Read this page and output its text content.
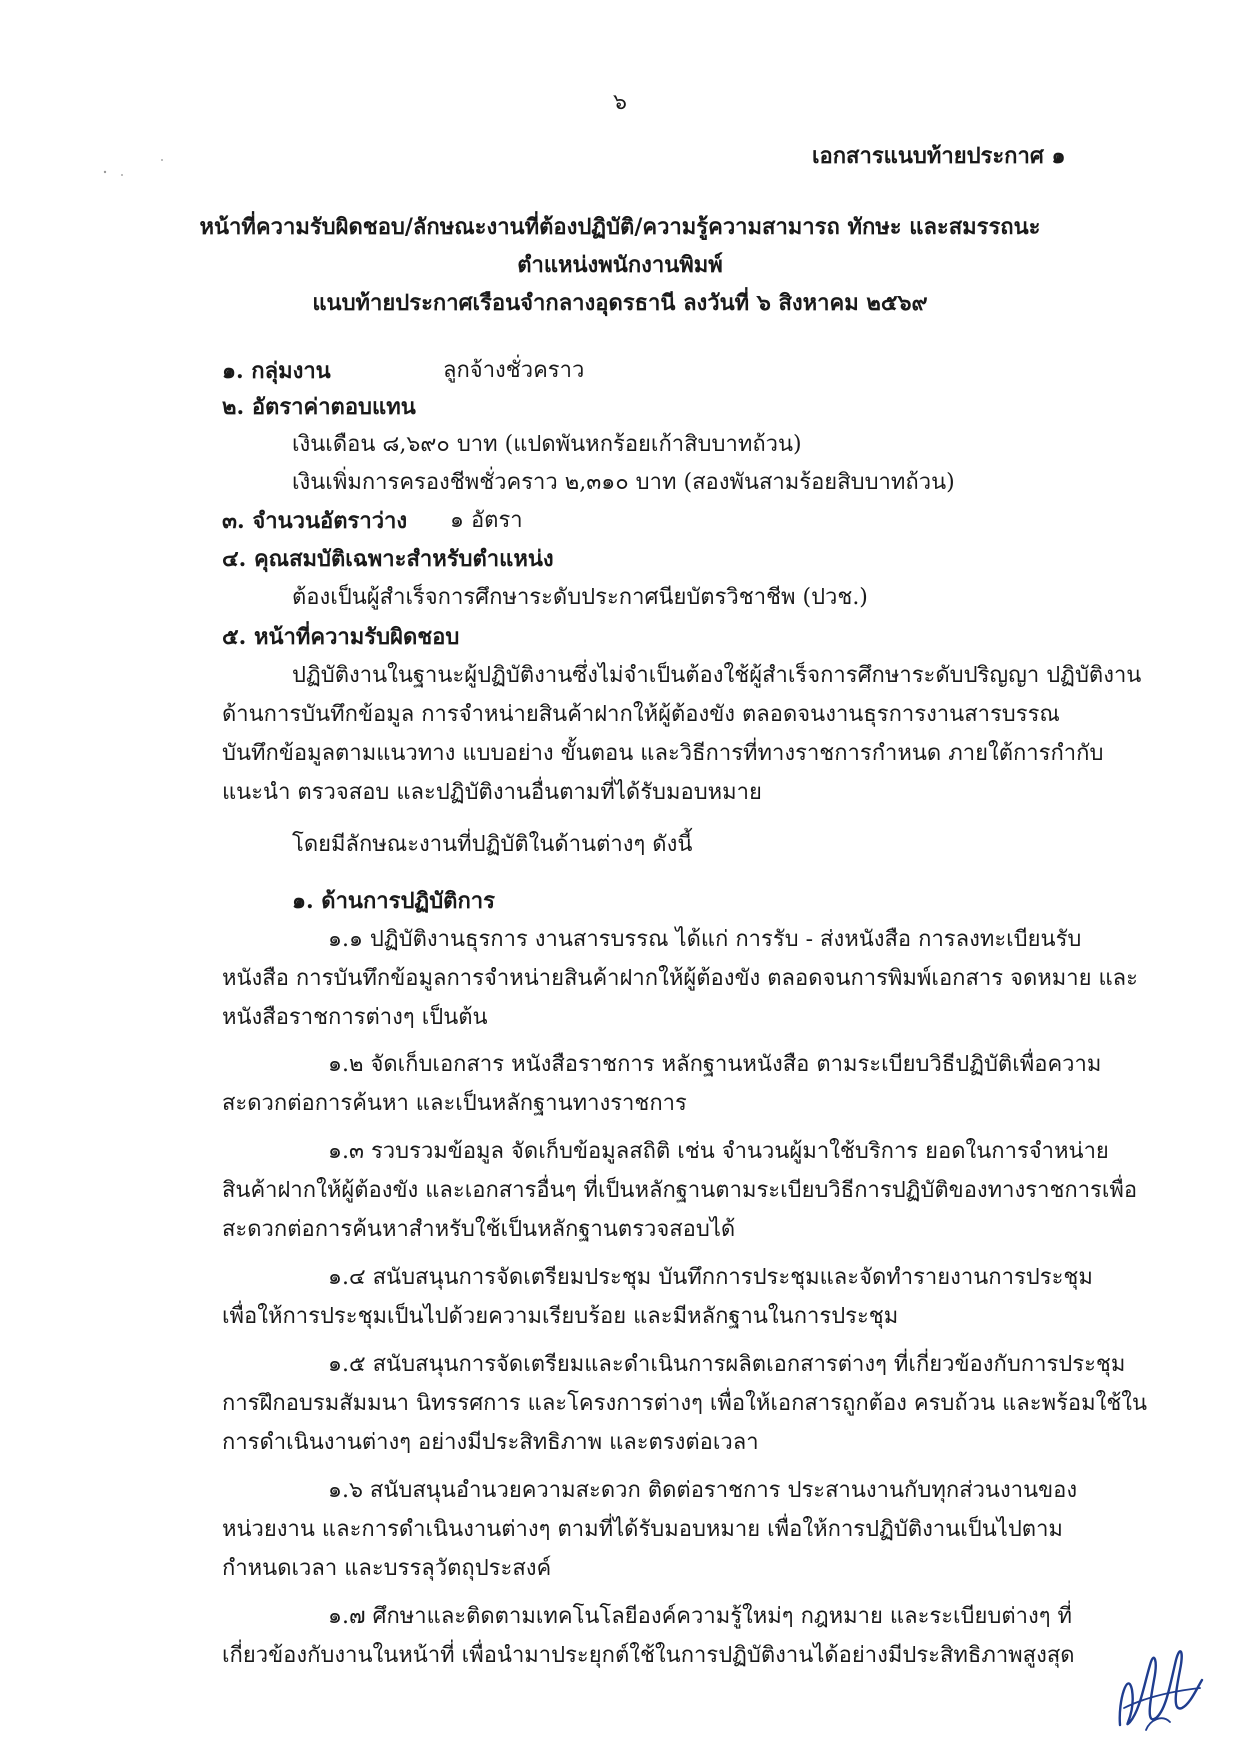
๖
เอกสารแนบท้ายประกาศ ๑
หน้าที่ความรับผิดชอบ/ลักษณะงานที่ต้องปฏิบัติ/ความรู้ความสามารถ ทักษะ และสมรรถนะ
ตำแหน่งพนักงานพิมพ์
แนบท้ายประกาศเรือนจำกลางอุดรธานี ลงวันที่ ๖ สิงหาคม ๒๕๖๙
๑. กลุ่มงาน	ลูกจ้างชั่วคราว
๒. อัตราค่าตอบแทน
เงินเดือน ๘,๖๙๐ บาท (แปดพันหกร้อยเก้าสิบบาทถ้วน)
เงินเพิ่มการครองชีพชั่วคราว ๒,๓๑๐ บาท (สองพันสามร้อยสิบบาทถ้วน)
๓. จำนวนอัตราว่าง ๑ อัตรา
๔. คุณสมบัติเฉพาะสำหรับตำแหน่ง
ต้องเป็นผู้สำเร็จการศึกษาระดับประกาศนียบัตรวิชาชีพ (ปวช.)
๕. หน้าที่ความรับผิดชอบ
ปฏิบัติงานในฐานะผู้ปฏิบัติงานซึ่งไม่จำเป็นต้องใช้ผู้สำเร็จการศึกษาระดับปริญญา ปฏิบัติงาน
ด้านการบันทึกข้อมูล การจำหน่ายสินค้าฝากให้ผู้ต้องขัง ตลอดจนงานธุรการงานสารบรรณ
บันทึกข้อมูลตามแนวทาง แบบอย่าง ขั้นตอน และวิธีการที่ทางราชการกำหนด ภายใต้การกำกับ
แนะนำ ตรวจสอบ และปฏิบัติงานอื่นตามที่ได้รับมอบหมาย
โดยมีลักษณะงานที่ปฏิบัติในด้านต่างๆ ดังนี้
๑. ด้านการปฏิบัติการ
๑.๑ ปฏิบัติงานธุรการ งานสารบรรณ ได้แก่ การรับ - ส่งหนังสือ การลงทะเบียนรับ
หนังสือ การบันทึกข้อมูลการจำหน่ายสินค้าฝากให้ผู้ต้องขัง ตลอดจนการพิมพ์เอกสาร จดหมาย และ
หนังสือราชการต่างๆ เป็นต้น
๑.๒ จัดเก็บเอกสาร หนังสือราชการ หลักฐานหนังสือ ตามระเบียบวิธีปฏิบัติเพื่อความ
สะดวกต่อการค้นหา และเป็นหลักฐานทางราชการ
๑.๓ รวบรวมข้อมูล จัดเก็บข้อมูลสถิติ เช่น จำนวนผู้มาใช้บริการ ยอดในการจำหน่าย
สินค้าฝากให้ผู้ต้องขัง และเอกสารอื่นๆ ที่เป็นหลักฐานตามระเบียบวิธีการปฏิบัติของทางราชการเพื่อ
สะดวกต่อการค้นหาสำหรับใช้เป็นหลักฐานตรวจสอบได้
๑.๔ สนับสนุนการจัดเตรียมประชุม บันทึกการประชุมและจัดทำรายงานการประชุม
เพื่อให้การประชุมเป็นไปด้วยความเรียบร้อย และมีหลักฐานในการประชุม
๑.๕ สนับสนุนการจัดเตรียมและดำเนินการผลิตเอกสารต่างๆ ที่เกี่ยวข้องกับการประชุม
การฝึกอบรมสัมมนา นิทรรศการ และโครงการต่างๆ เพื่อให้เอกสารถูกต้อง ครบถ้วน และพร้อมใช้ใน
การดำเนินงานต่างๆ อย่างมีประสิทธิภาพ และตรงต่อเวลา
๑.๖ สนับสนุนอำนวยความสะดวก ติดต่อราชการ ประสานงานกับทุกส่วนงานของ
หน่วยงาน และการดำเนินงานต่างๆ ตามที่ได้รับมอบหมาย เพื่อให้การปฏิบัติงานเป็นไปตาม
กำหนดเวลา และบรรลุวัตถุประสงค์
๑.๗ ศึกษาและติดตามเทคโนโลยีองค์ความรู้ใหม่ๆ กฎหมาย และระเบียบต่างๆ ที่
เกี่ยวข้องกับงานในหน้าที่ เพื่อนำมาประยุกต์ใช้ในการปฏิบัติงานได้อย่างมีประสิทธิภาพสูงสุด
